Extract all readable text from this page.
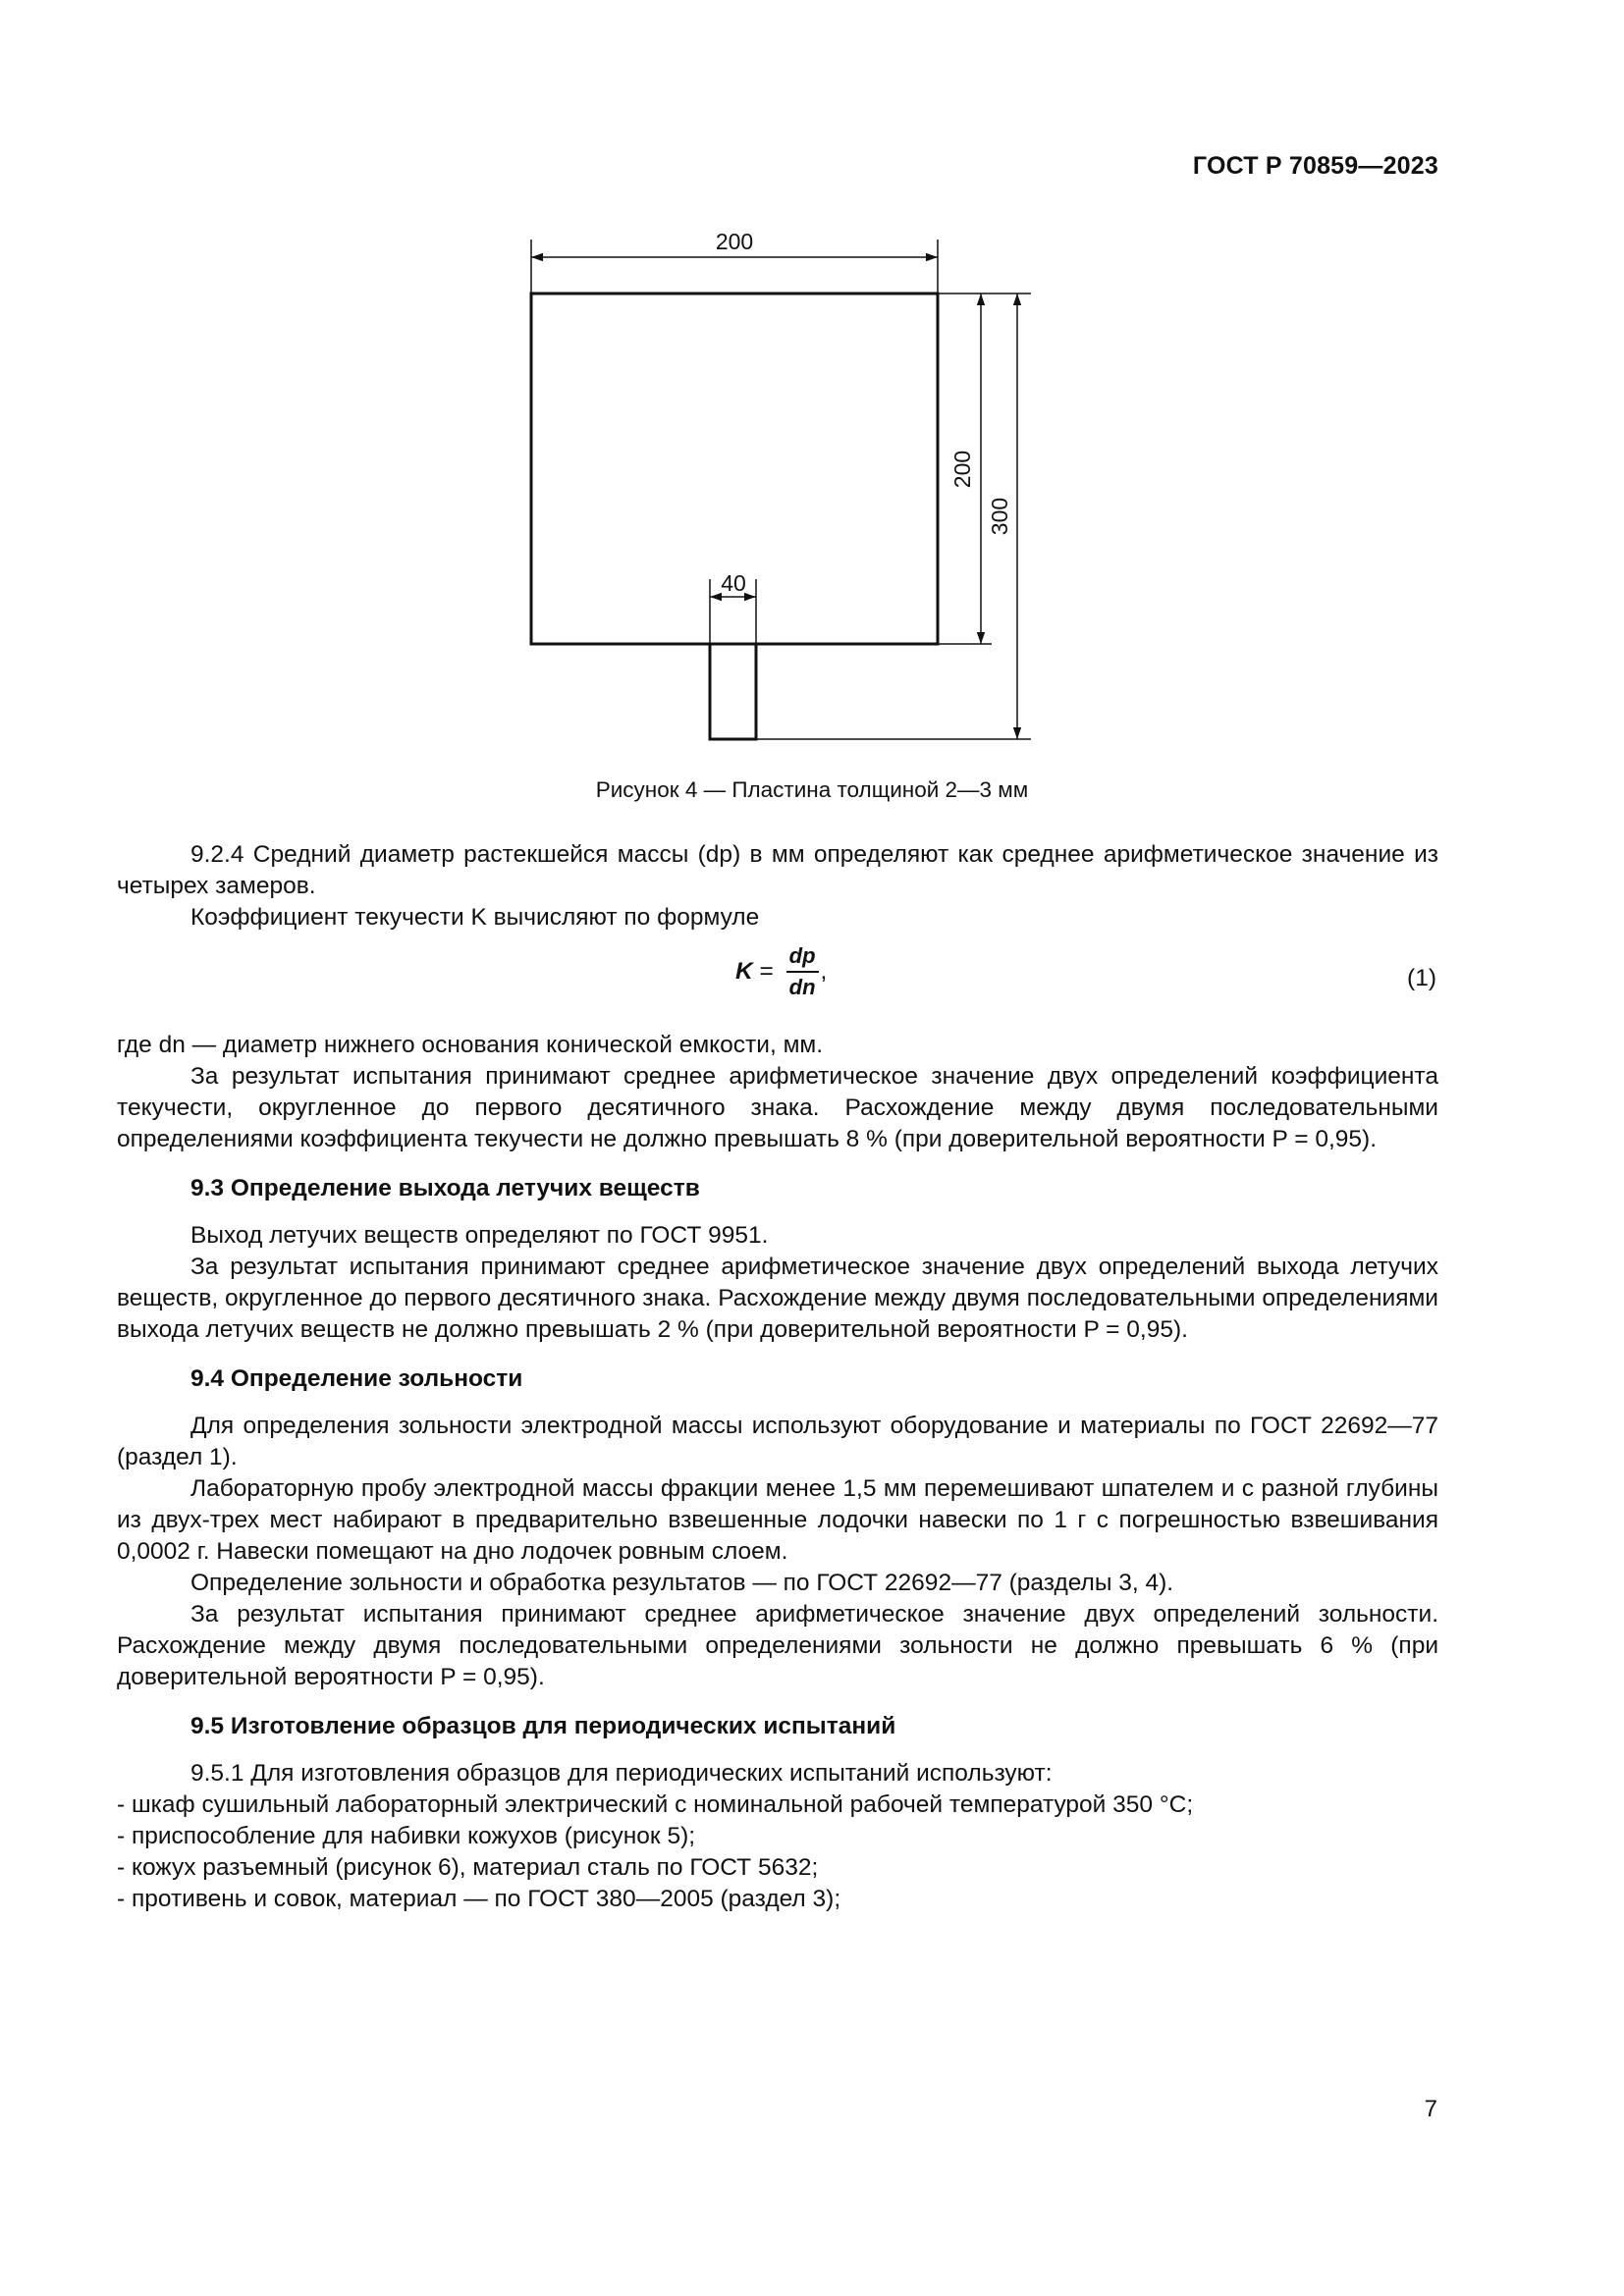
ГОСТ Р 70859—2023
200
200
300
40
Рисунок 4 — Пластина толщиной 2—3 мм

9.2.4 Средний диаметр растекшейся массы (dp) в мм определяют как среднее арифметическое значение из четырех замеров.

Коэффициент текучести K вычисляют по формуле

$K = \frac{dp}{dn}$ ,	(1)

где dn — диаметр нижнего основания конической емкости, мм.

За результат испытания принимают среднее арифметическое значение двух определений коэффициента текучести, округленное до первого десятичного знака. Расхождение между двумя последовательными определениями коэффициента текучести не должно превышать 8 % (при доверительной вероятности P = 0,95).

9.3 Определение выхода летучих веществ

Выход летучих веществ определяют по ГОСТ 9951.

За результат испытания принимают среднее арифметическое значение двух определений выхода летучих веществ, округленное до первого десятичного знака. Расхождение между двумя последовательными определениями выхода летучих веществ не должно превышать 2 % (при доверительной вероятности P = 0,95).

9.4 Определение зольности

Для определения зольности электродной массы используют оборудование и материалы по ГОСТ 22692—77 (раздел 1).

Лабораторную пробу электродной массы фракции менее 1,5 мм перемешивают шпателем и с разной глубины из двух-трех мест набирают в предварительно взвешенные лодочки навески по 1 г с погрешностью взвешивания 0,0002 г. Навески помещают на дно лодочек ровным слоем.

Определение зольности и обработка результатов — по ГОСТ 22692—77 (разделы 3, 4).

За результат испытания принимают среднее арифметическое значение двух определений зольности. Расхождение между двумя последовательными определениями зольности не должно превышать 6 % (при доверительной вероятности P = 0,95).

9.5 Изготовление образцов для периодических испытаний

9.5.1 Для изготовления образцов для периодических испытаний используют:

- шкаф сушильный лабораторный электрический с номинальной рабочей температурой 350 °С;

- приспособление для набивки кожухов (рисунок 5);

- кожух разъемный (рисунок 6), материал сталь по ГОСТ 5632;

- противень и совок, материал — по ГОСТ 380—2005 (раздел 3);

7
